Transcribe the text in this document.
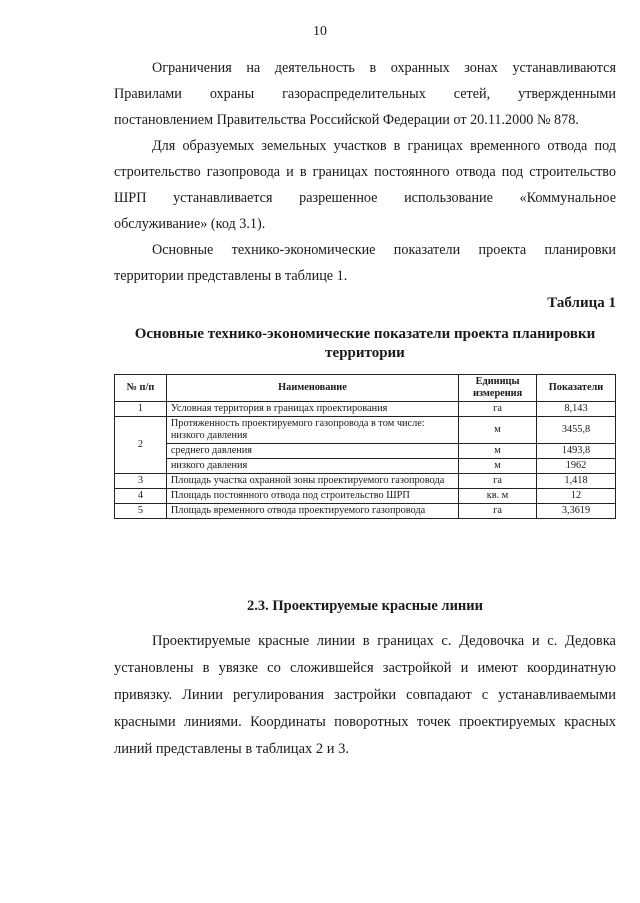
10

Ограничения на деятельность в охранных зонах устанавливаются Правилами охраны газораспределительных сетей, утвержденными постановлением Правительства Российской Федерации от 20.11.2000 № 878.

Для образуемых земельных участков в границах временного отвода под строительство газопровода и в границах постоянного отвода под строительство ШРП устанавливается разрешенное использование «Коммунальное обслуживание» (код 3.1).

Основные технико-экономические показатели проекта планировки территории представлены в таблице 1.

Таблица 1
Основные технико-экономические показатели проекта планировки территории
№ п/п	Наименование	Единицы измерения	Показатели
1	Условная территория в границах проектирования	га	8,143
2	Протяженность проектируемого газопровода в том числе: низкого давления	м	3455,8
	среднего давления	м	1493,8
	низкого давления	м	1962
3	Площадь участка охранной зоны проектируемого газопровода	га	1,418
4	Площадь постоянного отвода под строительство ШРП	кв. м	12
5	Площадь временного отвода проектируемого газопровода	га	3,3619
2.3. Проектируемые красные линии

Проектируемые красные линии в границах с. Дедовочка и с. Дедовка установлены в увязке со сложившейся застройкой и имеют координатную привязку. Линии регулирования застройки совпадают с устанавливаемыми красными линиями. Координаты поворотных точек проектируемых красных линий представлены в таблицах 2 и 3.
